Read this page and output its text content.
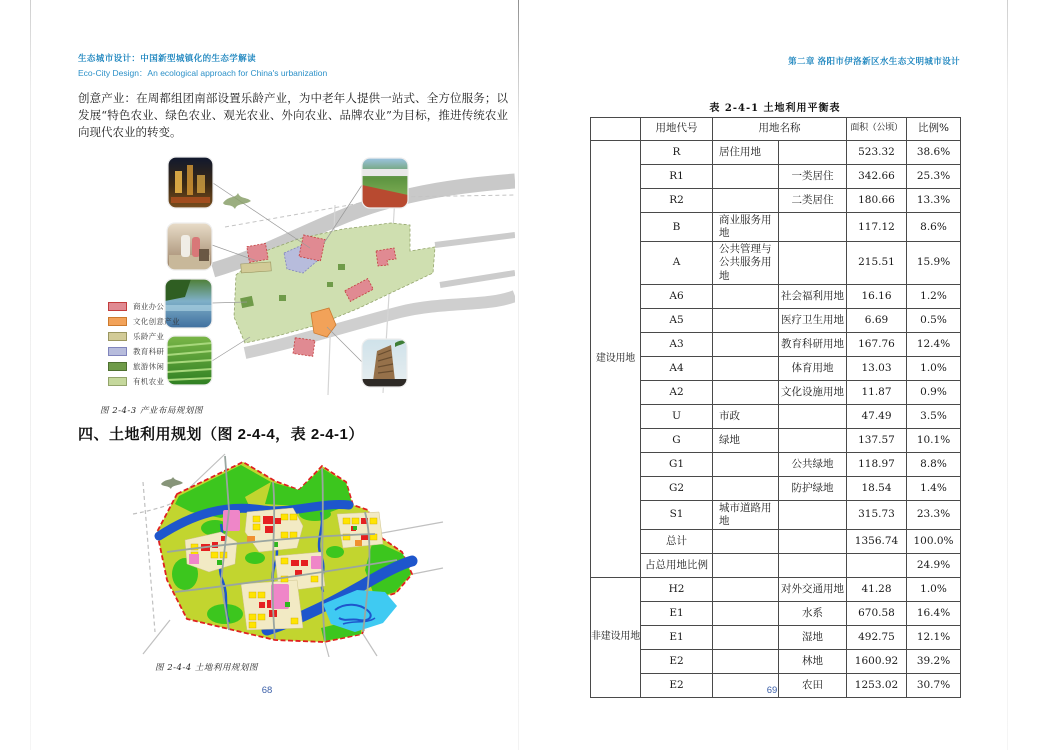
生态城市设计：中国新型城镇化的生态学解读
Eco-City Design：An ecological approach for China's urbanization
创意产业：在周都组团南部设置乐龄产业，为中老年人提供一站式、全方位服务；以发展“特色农业、绿色农业、观光农业、外向农业、品牌农业”为目标，推进传统农业向现代农业的转变。
商业办公
文化创意产业
乐龄产业
教育科研
旅游休闲
有机农业
图 2-4-3 产业布局规划图
四、土地利用规划（图 2-4-4，表 2-4-1）
图 2-4-4 土地利用规划图
68
第二章 洛阳市伊洛新区水生态文明城市设计
表 2-4-1 土地利用平衡表
	用地代号	用地名称		面积（公顷）	比例%
建设用地	R	居住用地		523.32	38.6%
	R1		一类居住	342.66	25.3%
	R2		二类居住	180.66	13.3%
	B	商业服务用地		117.12	8.6%
	A	公共管理与公共服务用地		215.51	15.9%
	A6		社会福利用地	16.16	1.2%
	A5		医疗卫生用地	6.69	0.5%
	A3		教育科研用地	167.76	12.4%
	A4		体育用地	13.03	1.0%
	A2		文化设施用地	11.87	0.9%
	U	市政		47.49	3.5%
	G	绿地		137.57	10.1%
	G1		公共绿地	118.97	8.8%
	G2		防护绿地	18.54	1.4%
	S1	城市道路用地		315.73	23.3%
	总计			1356.74	100.0%
	占总用地比例				24.9%
非建设用地	H2		对外交通用地	41.28	1.0%
	E1		水系	670.58	16.4%
	E1		湿地	492.75	12.1%
	E2		林地	1600.92	39.2%
	E2		农田	1253.02	30.7%
69
